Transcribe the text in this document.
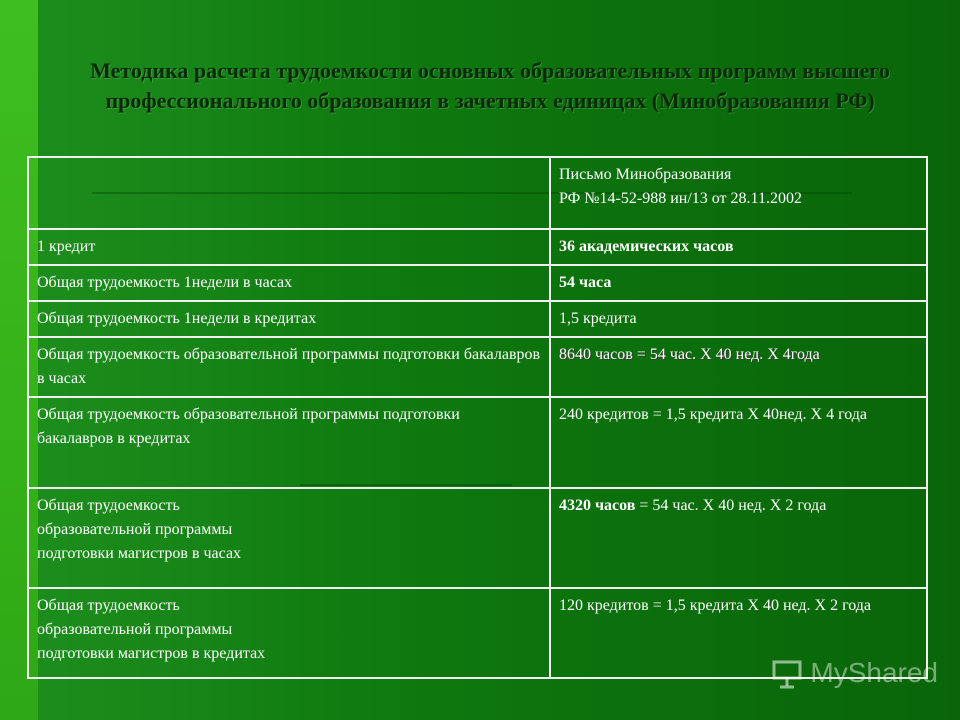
Методика расчета трудоемкости основных образовательных программ высшего профессионального образования в зачетных единицах (Минобразования РФ)

	Письмо Минобразования
РФ №14-52-988 ин/13 от 28.11.2002

1 кредит	36 академических часов
Общая трудоемкость 1недели в часах	54 часа
Общая трудоемкость 1недели в кредитах	1,5 кредита
Общая трудоемкость образовательной программы подготовки бакалавров в часах	8640 часов = 54 час. Х 40 нед. Х 4года

Общая трудоемкость образовательной программы подготовки
бакалавров в кредитах	240 кредитов = 1,5 кредита Х 40нед. Х 4 года

Общая трудоемкость
образовательной программы
подготовки магистров в часах	4320 часов = 54 час. Х 40 нед. Х 2 года

Общая трудоемкость
образовательной программы
подготовки магистров в кредитах	120 кредитов = 1,5 кредита Х 40 нед. Х 2 года
MyShared
